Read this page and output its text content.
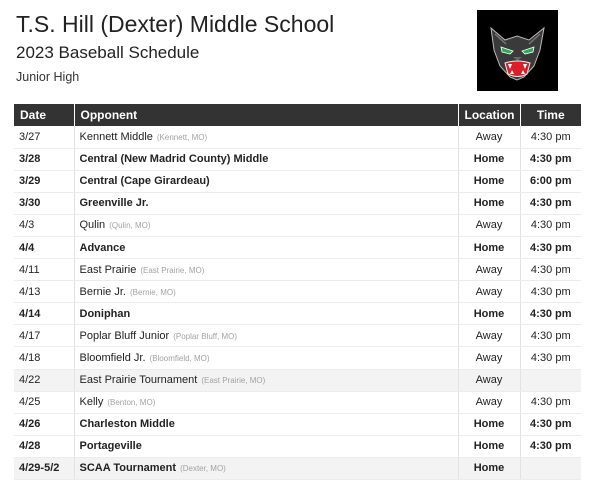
T.S. Hill (Dexter) Middle School
2023 Baseball Schedule
Junior High
Date	Opponent	Location	Time
3/27	Kennett Middle (Kennett, MO)	Away	4:30 pm
3/28	Central (New Madrid County) Middle	Home	4:30 pm
3/29	Central (Cape Girardeau)	Home	6:00 pm
3/30	Greenville Jr.	Home	4:30 pm
4/3	Qulin (Qulin, MO)	Away	4:30 pm
4/4	Advance	Home	4:30 pm
4/11	East Prairie (East Prairie, MO)	Away	4:30 pm
4/13	Bernie Jr. (Bernie, MO)	Away	4:30 pm
4/14	Doniphan	Home	4:30 pm
4/17	Poplar Bluff Junior (Poplar Bluff, MO)	Away	4:30 pm
4/18	Bloomfield Jr. (Bloomfield, MO)	Away	4:30 pm
4/22	East Prairie Tournament (East Prairie, MO)	Away	
4/25	Kelly (Benton, MO)	Away	4:30 pm
4/26	Charleston Middle	Home	4:30 pm
4/28	Portageville	Home	4:30 pm
4/29-5/2	SCAA Tournament (Dexter, MO)	Home	
